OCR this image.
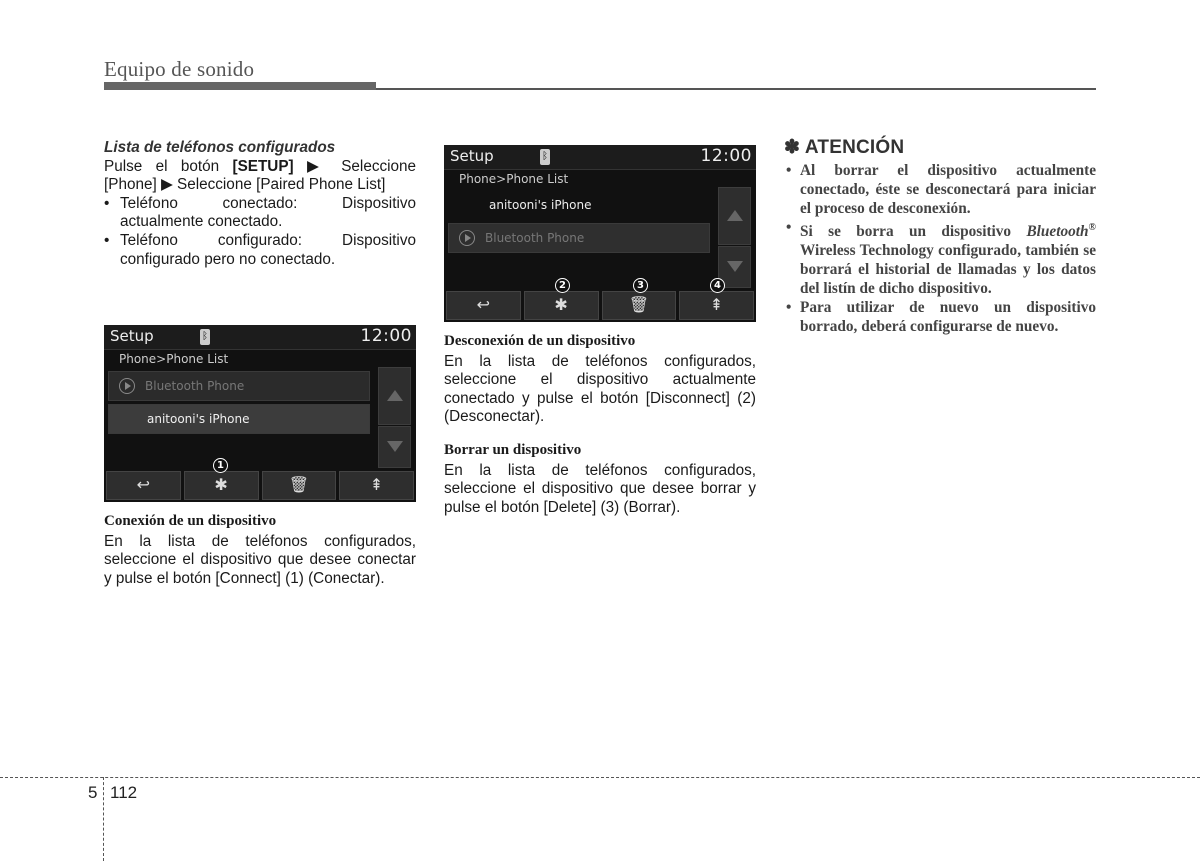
Equipo de sonido
Lista de teléfonos configurados
Pulse el botón [SETUP] ▶ Seleccione [Phone] ▶ Seleccione [Paired Phone List]
• Teléfono conectado: Dispositivo actualmente conectado.
• Teléfono configurado: Dispositivo configurado pero no conectado.
Setup	ᛒ	12:00
Phone>Phone List
Bluetooth Phone
anitooni's iPhone
↩	✱	🗑	⇞
1
Conexión de un dispositivo
En la lista de teléfonos configurados, seleccione el dispositivo que desee conectar y pulse el botón [Connect] (1) (Conectar).
Setup	ᛒ	12:00
Phone>Phone List
anitooni's iPhone
Bluetooth Phone
↩	✱	🗑	⇞
2	3	4
Desconexión de un dispositivo
En la lista de teléfonos configurados, seleccione el dispositivo actualmente conectado y pulse el botón [Disconnect] (2) (Desconectar).
Borrar un dispositivo
En la lista de teléfonos configurados, seleccione el dispositivo que desee borrar y pulse el botón [Delete] (3) (Borrar).
✽ ATENCIÓN
• Al borrar el dispositivo actualmente conectado, éste se desconectará para iniciar el proceso de desconexión.
• Si se borra un dispositivo Bluetooth® Wireless Technology configurado, también se borrará el historial de llamadas y los datos del listín de dicho dispositivo.
• Para utilizar de nuevo un dispositivo borrado, deberá configurarse de nuevo.
5 112
